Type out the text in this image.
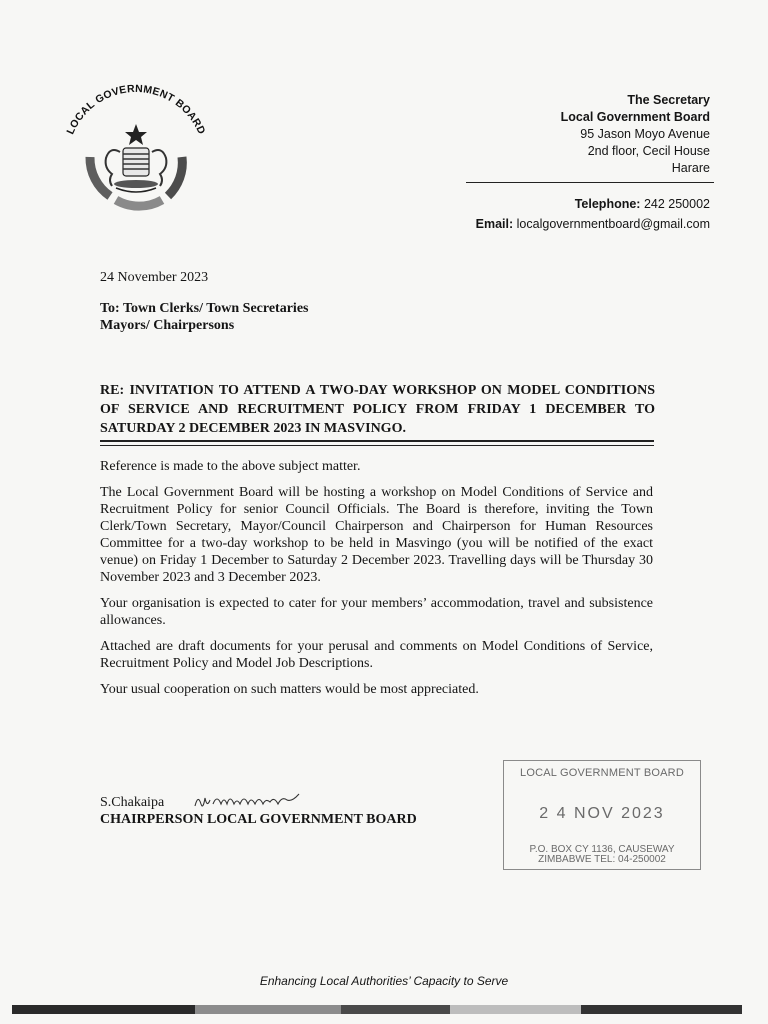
LOCAL GOVERNMENT BOARD
The Secretary
Local Government Board
95 Jason Moyo Avenue
2nd floor, Cecil House
Harare
Telephone: 242 250002
Email: localgovernmentboard@gmail.com
24 November 2023
To: Town Clerks/ Town Secretaries
Mayors/ Chairpersons
RE: INVITATION TO ATTEND A TWO-DAY WORKSHOP ON MODEL CONDITIONS OF SERVICE AND RECRUITMENT POLICY FROM FRIDAY 1 DECEMBER TO SATURDAY 2 DECEMBER 2023 IN MASVINGO.

Reference is made to the above subject matter.

The Local Government Board will be hosting a workshop on Model Conditions of Service and Recruitment Policy for senior Council Officials. The Board is therefore, inviting the Town Clerk/Town Secretary, Mayor/Council Chairperson and Chairperson for Human Resources Committee for a two-day workshop to be held in Masvingo (you will be notified of the exact venue) on Friday 1 December to Saturday 2 December 2023. Travelling days will be Thursday 30 November 2023 and 3 December 2023.

Your organisation is expected to cater for your members’ accommodation, travel and subsistence allowances.

Attached are draft documents for your perusal and comments on Model Conditions of Service, Recruitment Policy and Model Job Descriptions.

Your usual cooperation on such matters would be most appreciated.

S.Chakaipa
CHAIRPERSON LOCAL GOVERNMENT BOARD
LOCAL GOVERNMENT BOARD
2 4 NOV 2023
P.O. BOX CY 1136, CAUSEWAY
ZIMBABWE TEL: 04-250002
Enhancing Local Authorities’ Capacity to Serve
